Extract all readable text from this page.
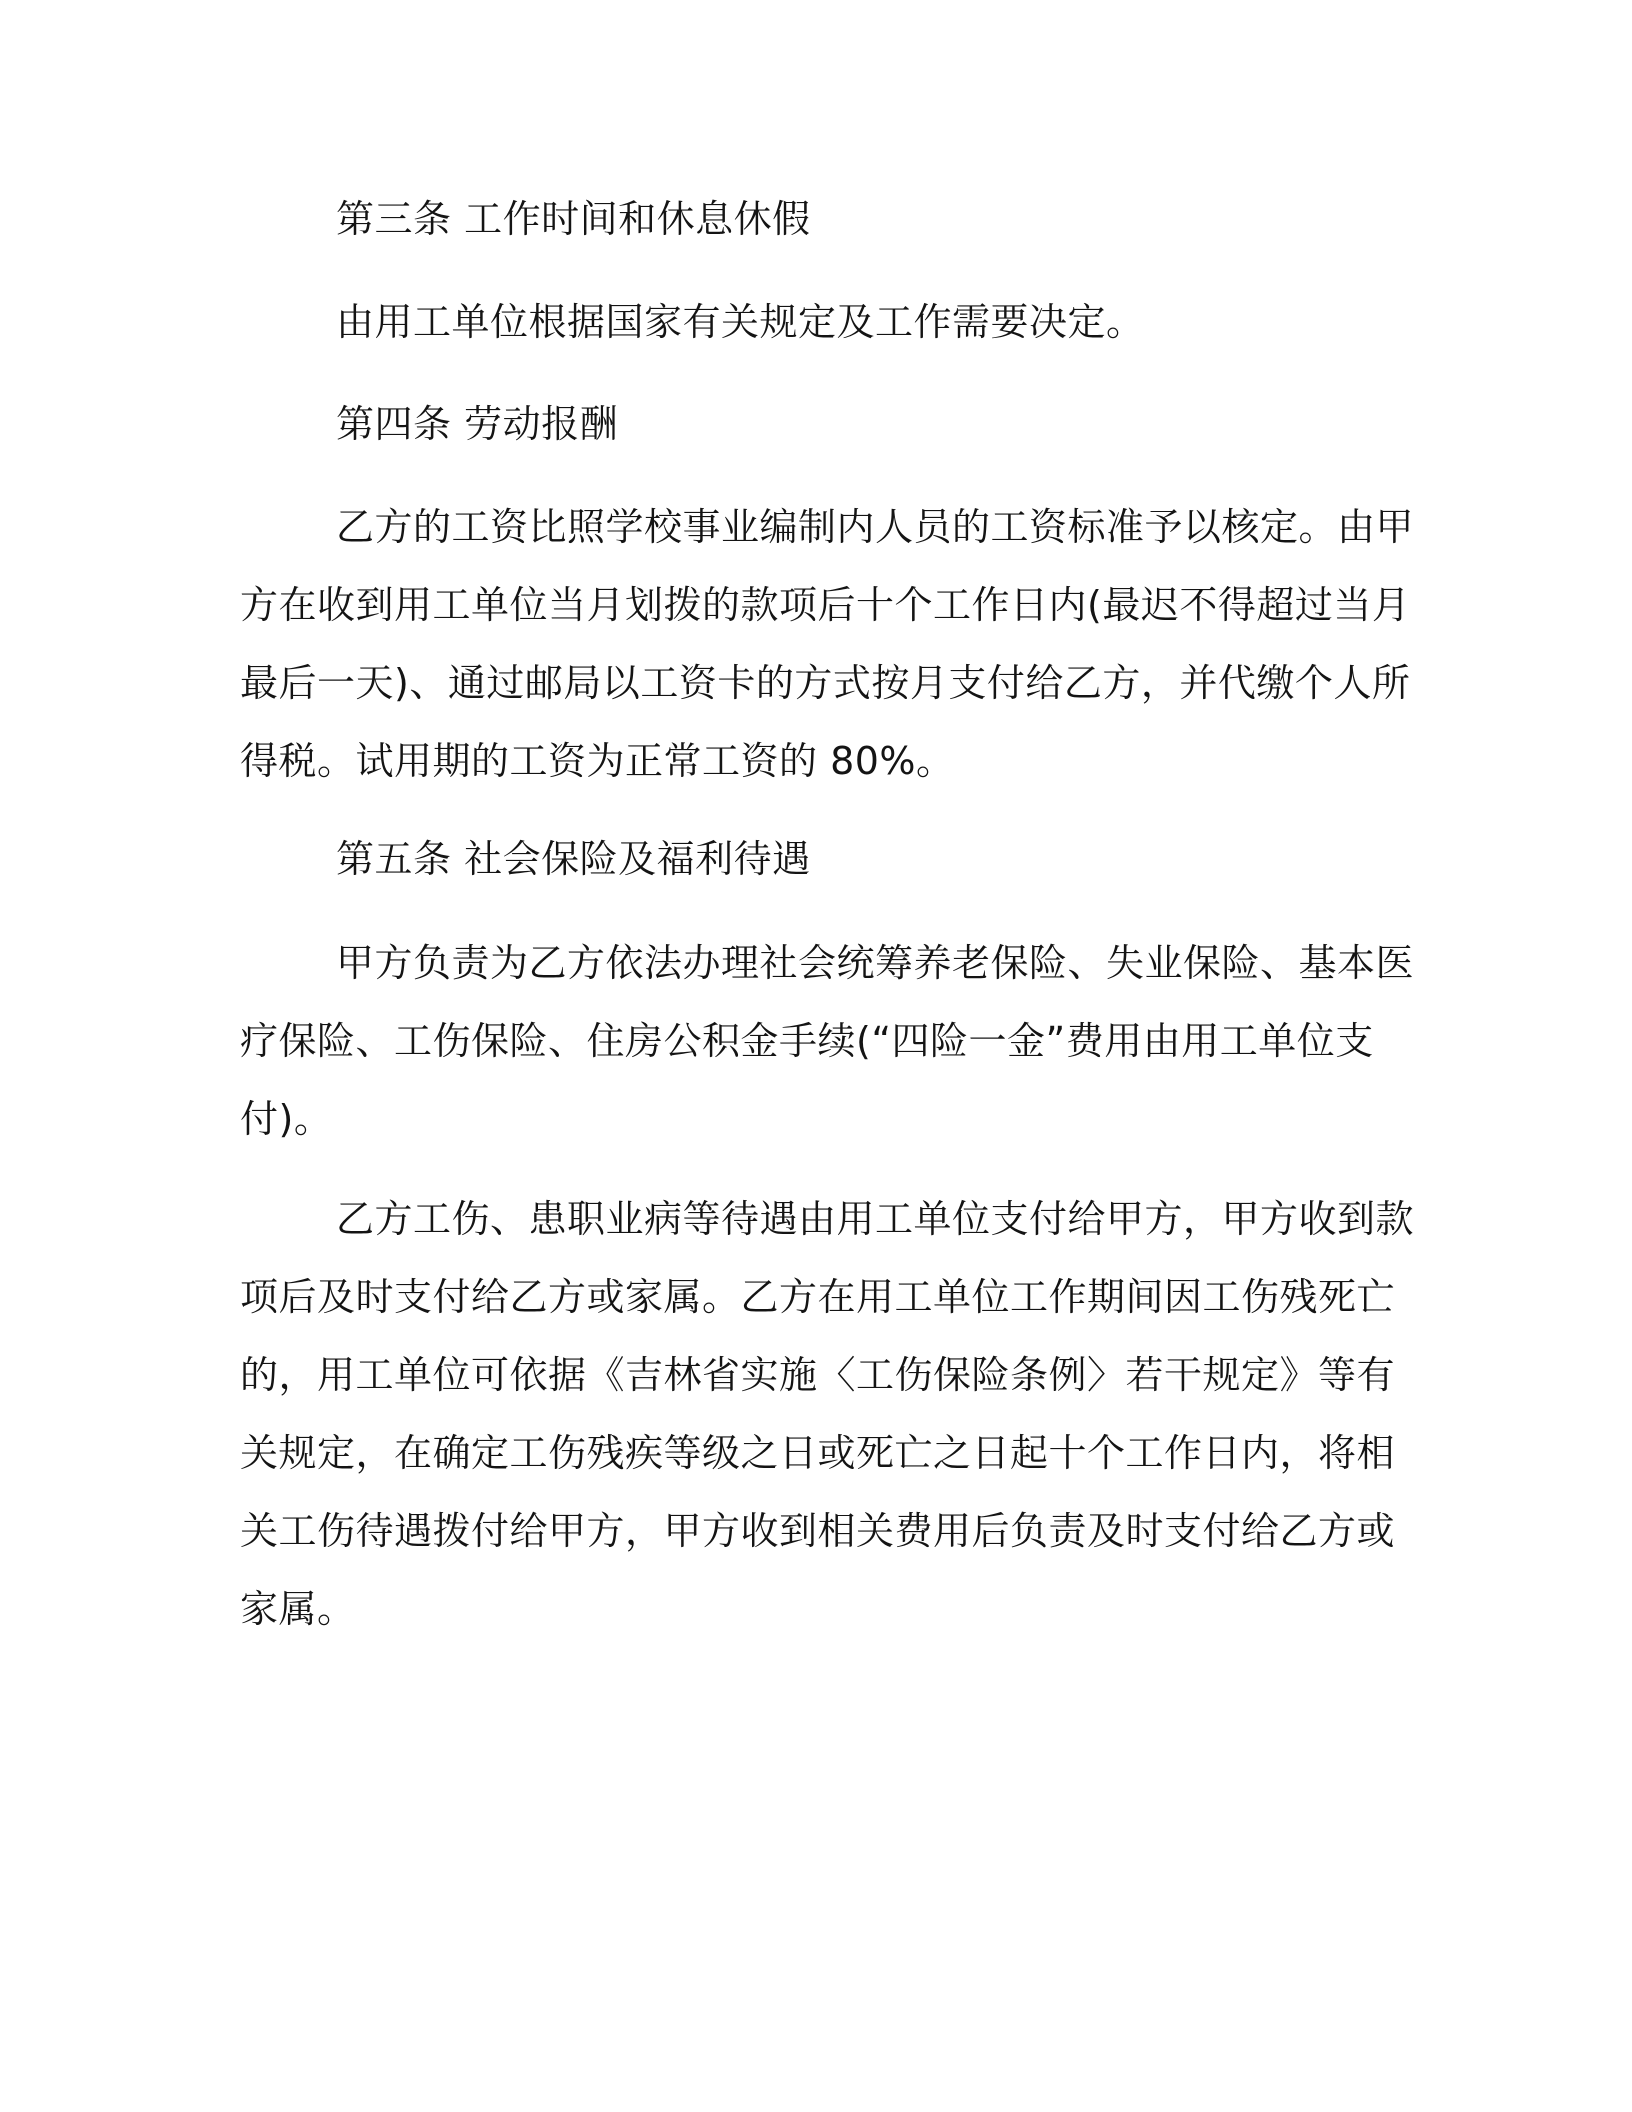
第三条 工作时间和休息休假

由用工单位根据国家有关规定及工作需要决定。

第四条 劳动报酬

乙方的工资比照学校事业编制内人员的工资标准予以核定。由甲
方在收到用工单位当月划拨的款项后十个工作日内(最迟不得超过当月
最后一天)、通过邮局以工资卡的方式按月支付给乙方，并代缴个人所
得税。试用期的工资为正常工资的 80%。

第五条 社会保险及福利待遇

甲方负责为乙方依法办理社会统筹养老保险、失业保险、基本医
疗保险、工伤保险、住房公积金手续(“四险一金”费用由用工单位支
付)。
乙方工伤、患职业病等待遇由用工单位支付给甲方，甲方收到款
项后及时支付给乙方或家属。乙方在用工单位工作期间因工伤残死亡
的，用工单位可依据《吉林省实施〈工伤保险条例〉若干规定》等有
关规定，在确定工伤残疾等级之日或死亡之日起十个工作日内，将相
关工伤待遇拨付给甲方，甲方收到相关费用后负责及时支付给乙方或
家属。
